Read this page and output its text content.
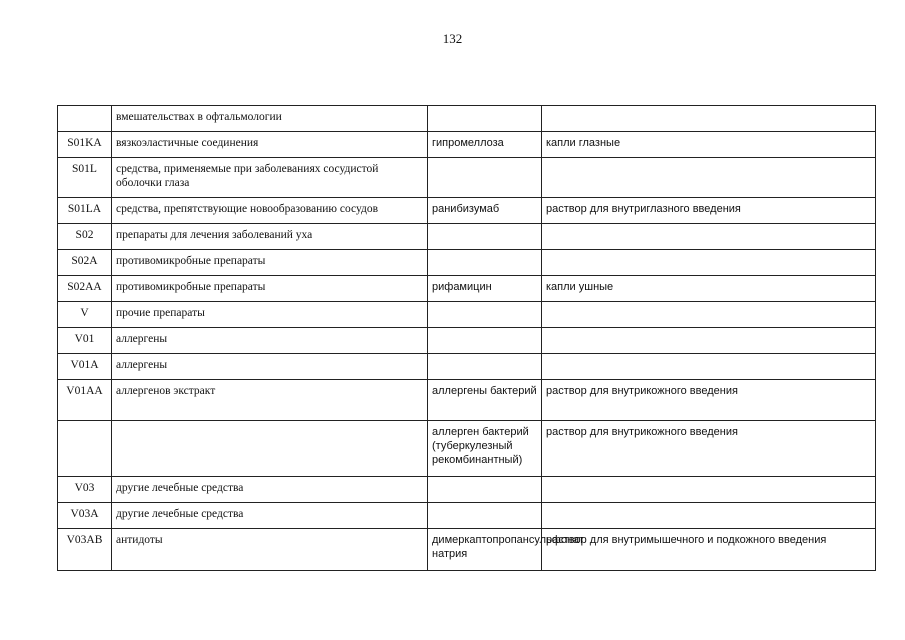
132
	вмешательствах в офтальмологии		
S01KA	вязкоэластичные соединения	гипромеллоза	капли глазные
S01L	средства, применяемые при заболеваниях сосудистой оболочки глаза		
S01LA	средства, препятствующие новообразованию сосудов	ранибизумаб	раствор для внутриглазного введения
S02	препараты для лечения заболеваний уха		
S02A	противомикробные препараты		
S02AA	противомикробные препараты	рифамицин	капли ушные
V	прочие препараты		
V01	аллергены		
V01A	аллергены		
V01AA	аллергенов экстракт	аллергены бактерий	раствор для внутрикожного введения
		аллерген бактерий (туберкулезный рекомбинантный)	раствор для внутрикожного введения
V03	другие лечебные средства		
V03A	другие лечебные средства		
V03AB	антидоты	димеркаптопропансульфонат натрия	раствор для внутримышечного и подкожного введения
